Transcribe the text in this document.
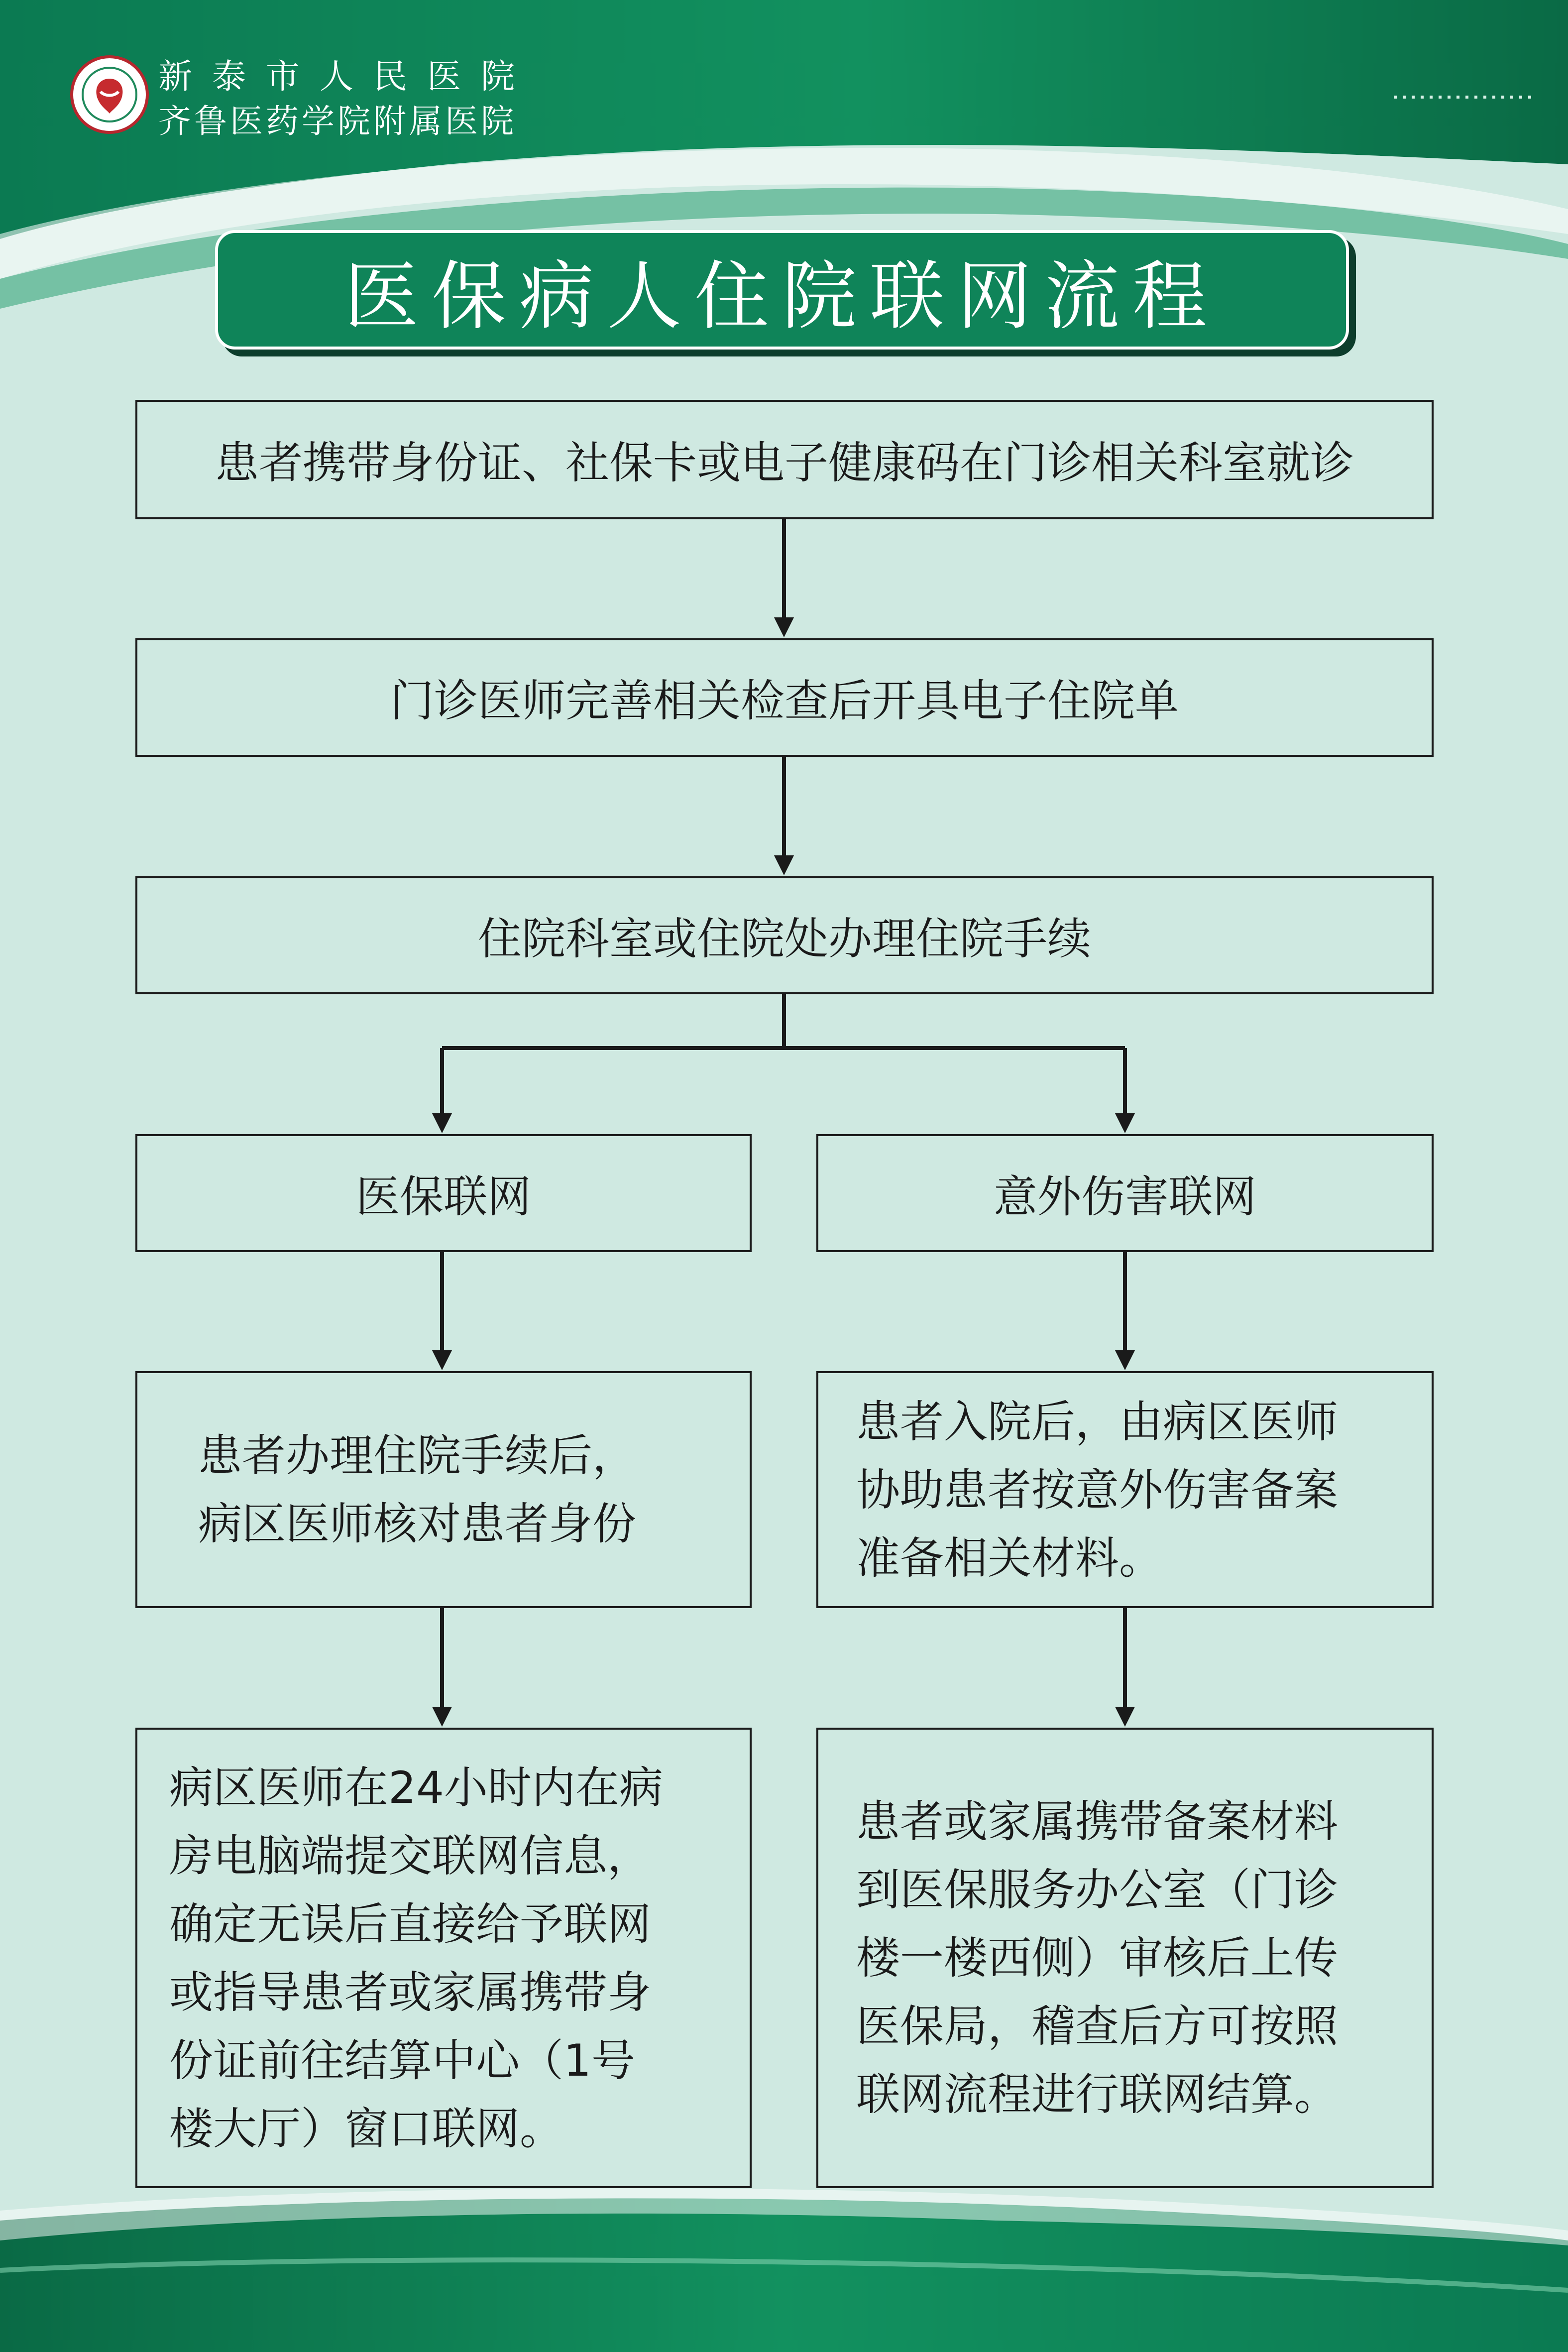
新泰市人民医院
齐鲁医药学院附属医院
医保病人住院联网流程
患者携带身份证、社保卡或电子健康码在门诊相关科室就诊
门诊医师完善相关检查后开具电子住院单
住院科室或住院处办理住院手续
医保联网	意外伤害联网
患者办理住院手续后，
病区医师核对患者身份
患者入院后，由病区医师
协助患者按意外伤害备案
准备相关材料。
病区医师在24小时内在病
房电脑端提交联网信息，
确定无误后直接给予联网
或指导患者或家属携带身
份证前往结算中心（1号
楼大厅）窗口联网。
患者或家属携带备案材料
到医保服务办公室（门诊
楼一楼西侧）审核后上传
医保局，稽查后方可按照
联网流程进行联网结算。
